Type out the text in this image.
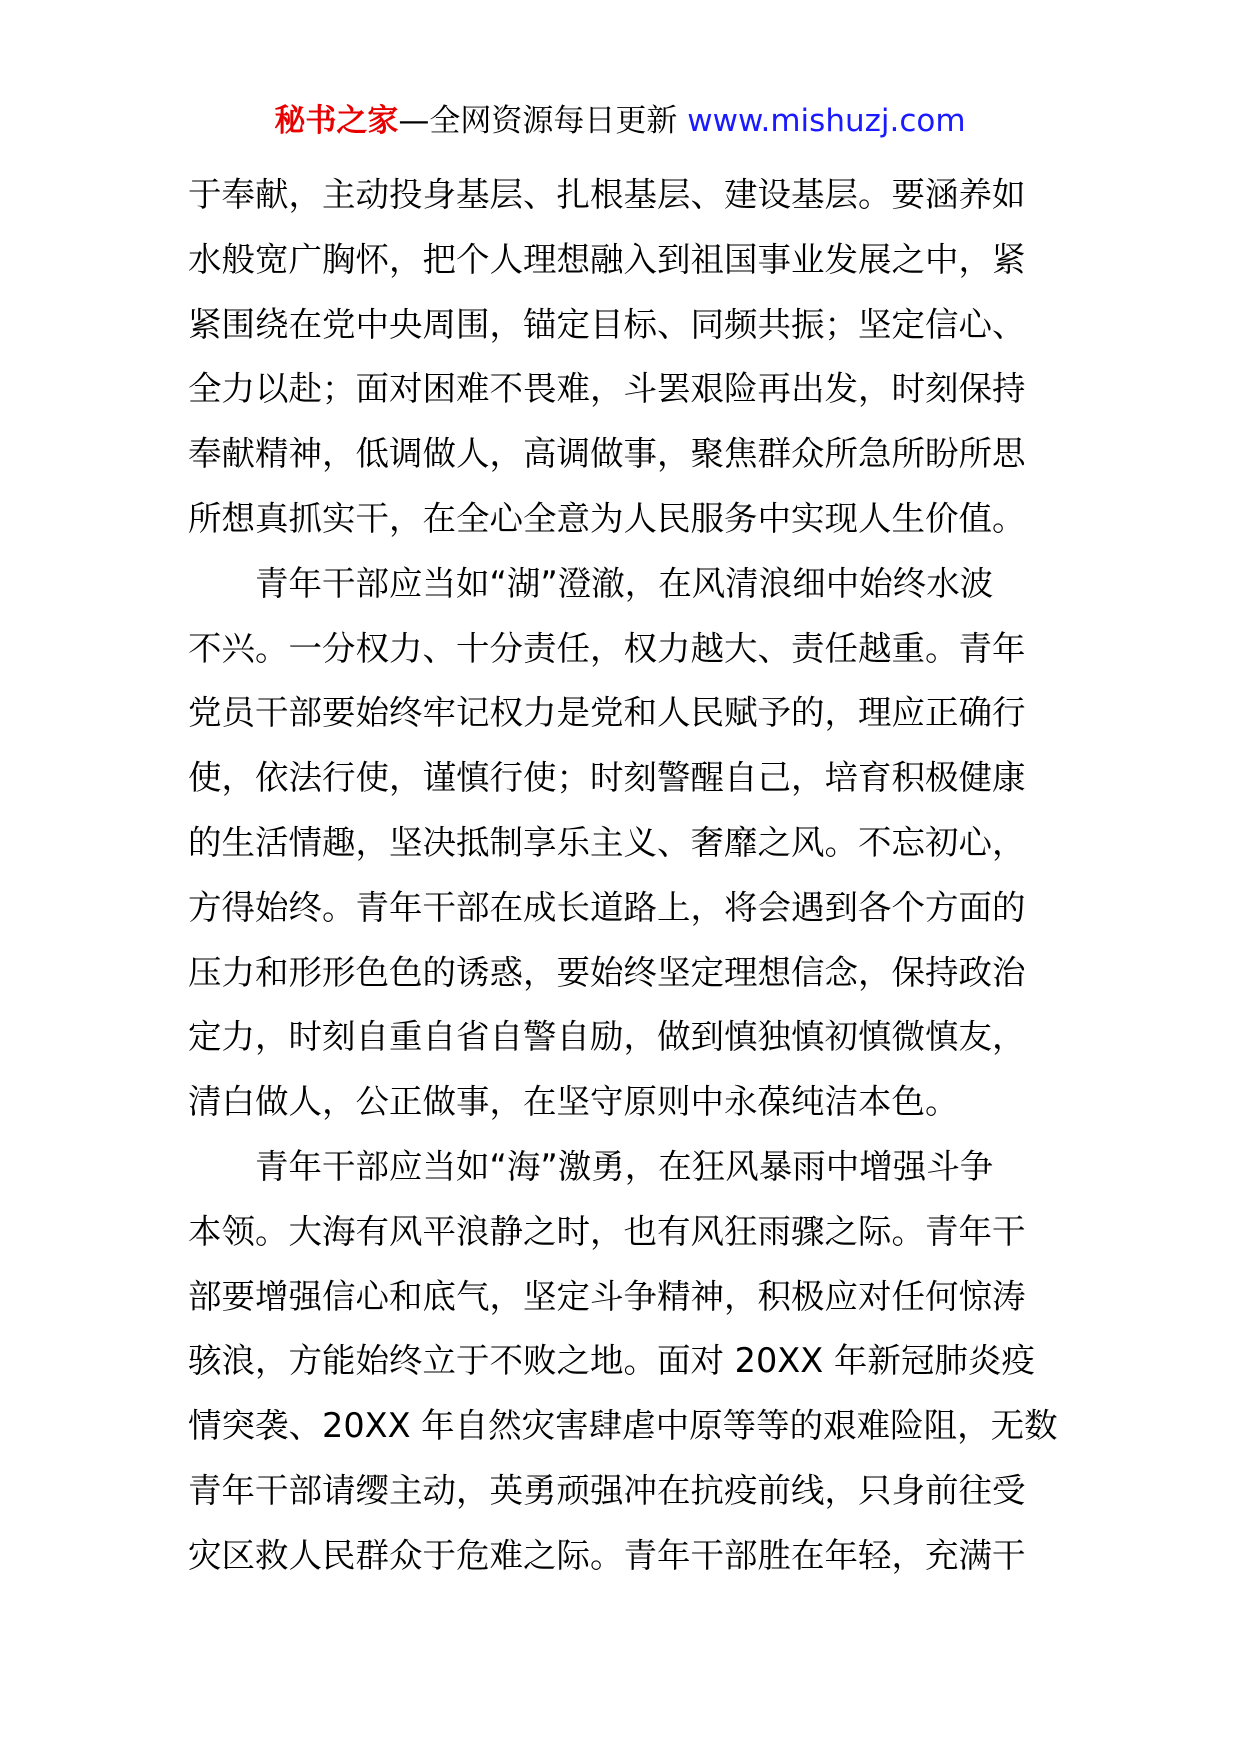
秘书之家—全网资源每日更新 www.mishuzj.com
于奉献，主动投身基层、扎根基层、建设基层。要涵养如
水般宽广胸怀，把个人理想融入到祖国事业发展之中，紧
紧围绕在党中央周围，锚定目标、同频共振；坚定信心、
全力以赴；面对困难不畏难，斗罢艰险再出发，时刻保持
奉献精神，低调做人，高调做事，聚焦群众所急所盼所思
所想真抓实干，在全心全意为人民服务中实现人生价值。
青年干部应当如“湖”澄澈，在风清浪细中始终水波
不兴。一分权力、十分责任，权力越大、责任越重。青年
党员干部要始终牢记权力是党和人民赋予的，理应正确行
使，依法行使，谨慎行使；时刻警醒自己，培育积极健康
的生活情趣，坚决抵制享乐主义、奢靡之风。不忘初心，
方得始终。青年干部在成长道路上，将会遇到各个方面的
压力和形形色色的诱惑，要始终坚定理想信念，保持政治
定力，时刻自重自省自警自励，做到慎独慎初慎微慎友，
清白做人，公正做事，在坚守原则中永葆纯洁本色。
青年干部应当如“海”激勇，在狂风暴雨中增强斗争
本领。大海有风平浪静之时，也有风狂雨骤之际。青年干
部要增强信心和底气，坚定斗争精神，积极应对任何惊涛
骇浪，方能始终立于不败之地。面对 20XX 年新冠肺炎疫
情突袭、20XX 年自然灾害肆虐中原等等的艰难险阻，无数
青年干部请缨主动，英勇顽强冲在抗疫前线，只身前往受
灾区救人民群众于危难之际。青年干部胜在年轻，充满干
